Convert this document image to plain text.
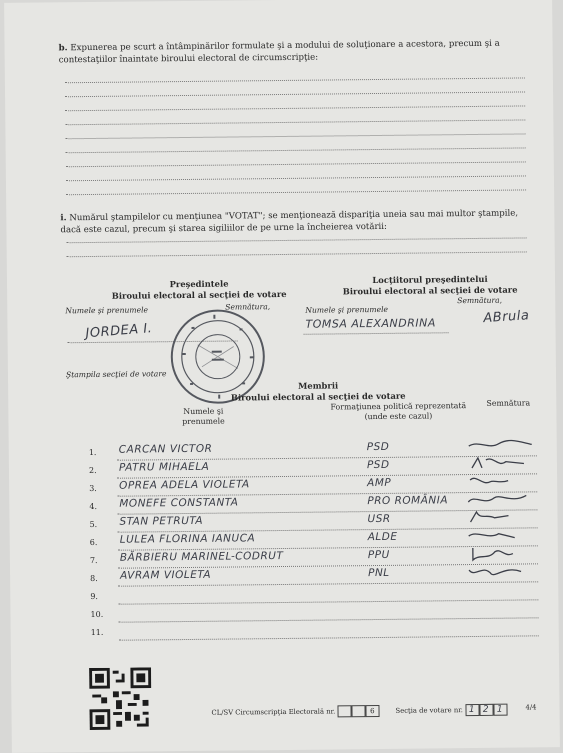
b. Expunerea pe scurt a întâmpinărilor formulate şi a modului de soluţionare a acestora, precum şi a contestaţiilor înaintate biroului electoral de circumscripţie:
i. Numărul ştampilelor cu menţiunea "VOTAT"; se menţionează dispariţia uneia sau mai multor ştampile, dacă este cazul, precum şi starea sigiliilor de pe urne la încheierea votării:
Preşedintele
Biroului electoral al secţiei de votare
Numele şi prenumele	Semnătura,
JORDEA I.
Locţiitorul preşedintelui
Biroului electoral al secţiei de votare
Semnătura,
Numele şi prenumele
TOMSA ALEXANDRINA	ABrula
Ştampila secţiei de votare
Membrii
Biroului electoral al secţiei de votare
Numele şi
prenumele
Formaţiunea politică reprezentată
(unde este cazul)
Semnătura
1. CARCAN VICTOR	PSD
2. PATRU MIHAELA	PSD
3. OPREA ADELA VIOLETA	AMP
4. MONEFE CONSTANTA	PRO ROMÂNIA
5. STAN PETRUTA	USR
6. LULEA FLORINA IANUCA	ALDE
7. BĂRBIERU MARINEL-CODRUT	PPU
8. AVRAM VIOLETA	PNL
9.
10.
11.
CL/SV Circumscripţia Electorală nr.	6	Secţia de votare nr. 1 2 1	4/4
